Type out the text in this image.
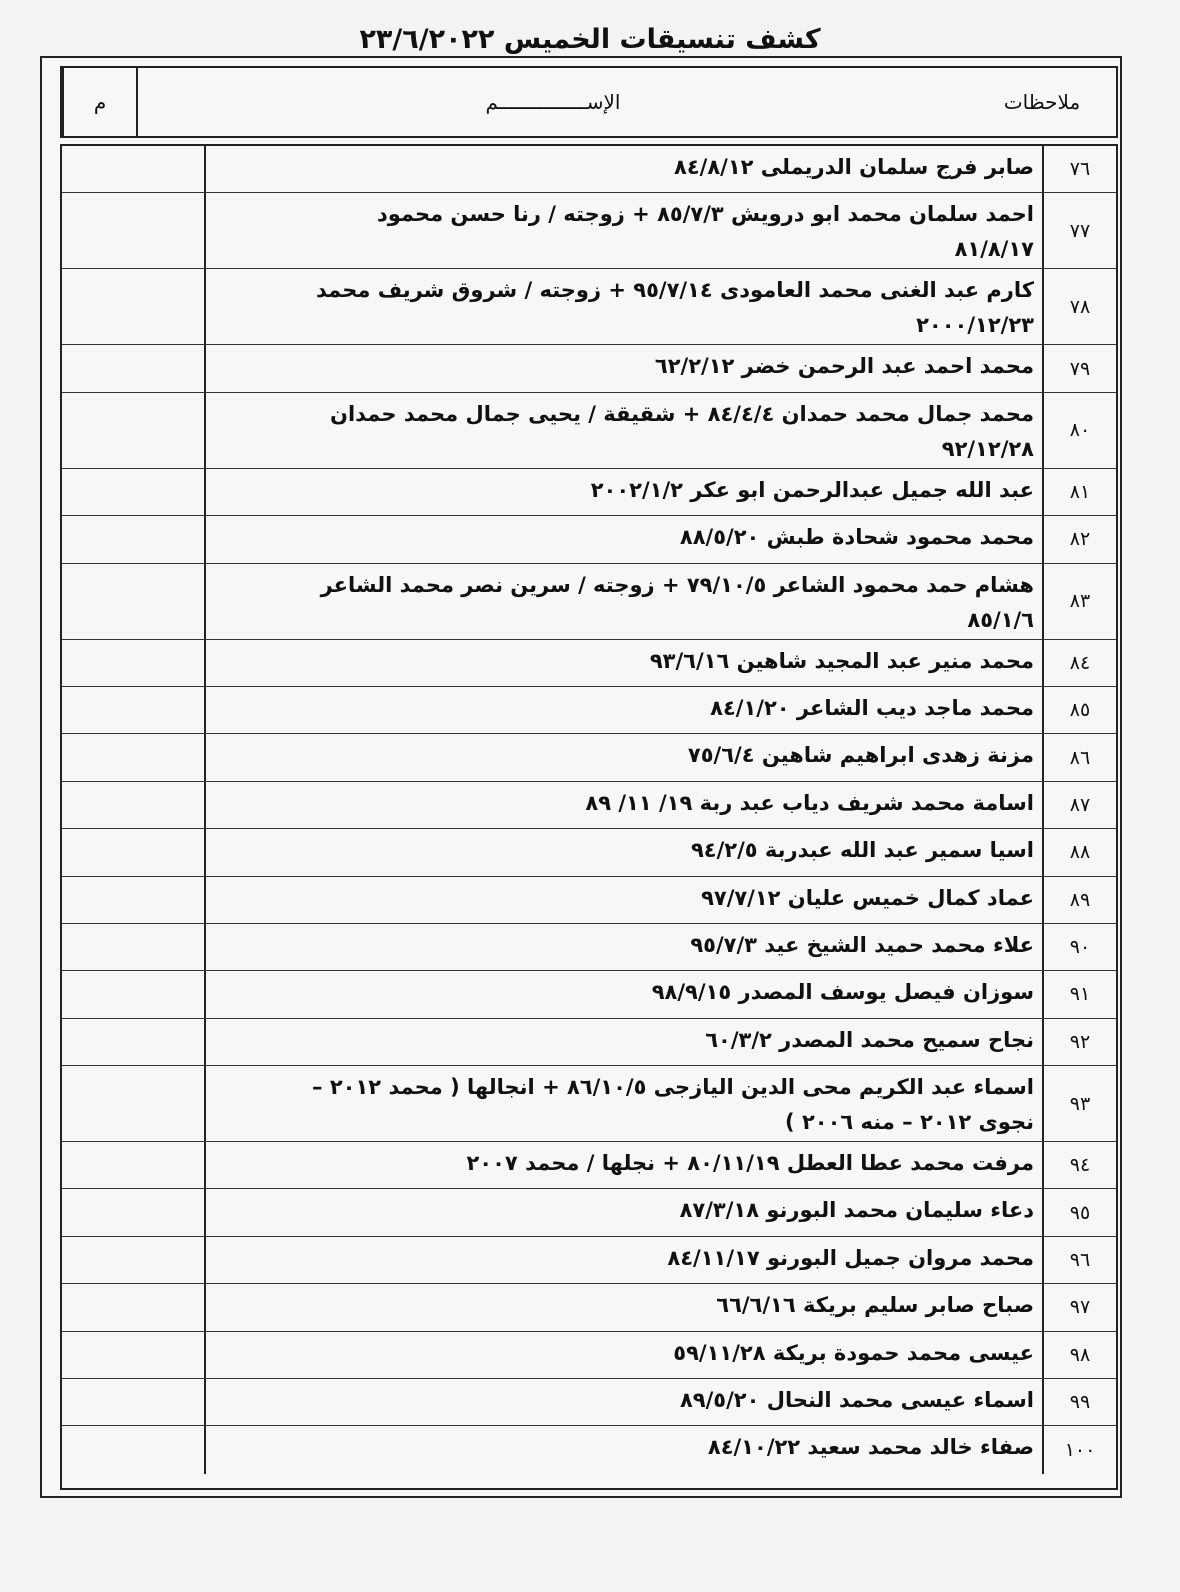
كشف تنسيقات الخميس ٢٣/٦/٢٠٢٢
م	الإســـــــــــــــم	ملاحظات
٧٦
صابر فرج سلمان الدريملى ٨٤/٨/١٢
٧٧
احمد سلمان محمد ابو درويش ٨٥/٧/٣ + زوجته / رنا حسن محمود
٨١/٨/١٧
٧٨
كارم عبد الغنى محمد العامودى ٩٥/٧/١٤ + زوجته / شروق شريف محمد
٢٠٠٠/١٢/٢٣
٧٩
محمد احمد عبد الرحمن خضر ٦٢/٢/١٢
٨٠
محمد جمال محمد حمدان ٨٤/٤/٤ + شقيقة / يحيى جمال محمد حمدان
٩٢/١٢/٢٨
٨١
عبد الله جميل عبدالرحمن ابو عكر ٢٠٠٢/١/٢
٨٢
محمد محمود شحادة طبش ٨٨/٥/٢٠
٨٣
هشام حمد محمود الشاعر ٧٩/١٠/٥ + زوجته / سرين نصر محمد الشاعر
٨٥/١/٦
٨٤
محمد منير عبد المجيد شاهين ٩٣/٦/١٦
٨٥
محمد ماجد ديب الشاعر ٨٤/١/٢٠
٨٦
مزنة زهدى ابراهيم شاهين ٧٥/٦/٤
٨٧
اسامة محمد شريف دياب عبد ربة ١٩/ ١١/ ٨٩
٨٨
اسيا سمير عبد الله عبدربة ٩٤/٢/٥
٨٩
عماد كمال خميس عليان ٩٧/٧/١٢
٩٠
علاء محمد حميد الشيخ عيد ٩٥/٧/٣
٩١
سوزان فيصل يوسف المصدر ٩٨/٩/١٥
٩٢
نجاح سميح محمد المصدر ٦٠/٣/٢
٩٣
اسماء عبد الكريم محى الدين اليازجى ٨٦/١٠/٥ + انجالها ( محمد ٢٠١٢ –
نجوى ٢٠١٢ – منه ٢٠٠٦ )
٩٤
مرفت محمد عطا العطل ٨٠/١١/١٩ + نجلها / محمد ٢٠٠٧
٩٥
دعاء سليمان محمد البورنو ٨٧/٣/١٨
٩٦
محمد مروان جميل البورنو ٨٤/١١/١٧
٩٧
صباح صابر سليم بريكة ٦٦/٦/١٦
٩٨
عيسى محمد حمودة بريكة ٥٩/١١/٢٨
٩٩
اسماء عيسى محمد النحال ٨٩/٥/٢٠
١٠٠
صفاء خالد محمد سعيد ٨٤/١٠/٢٢
